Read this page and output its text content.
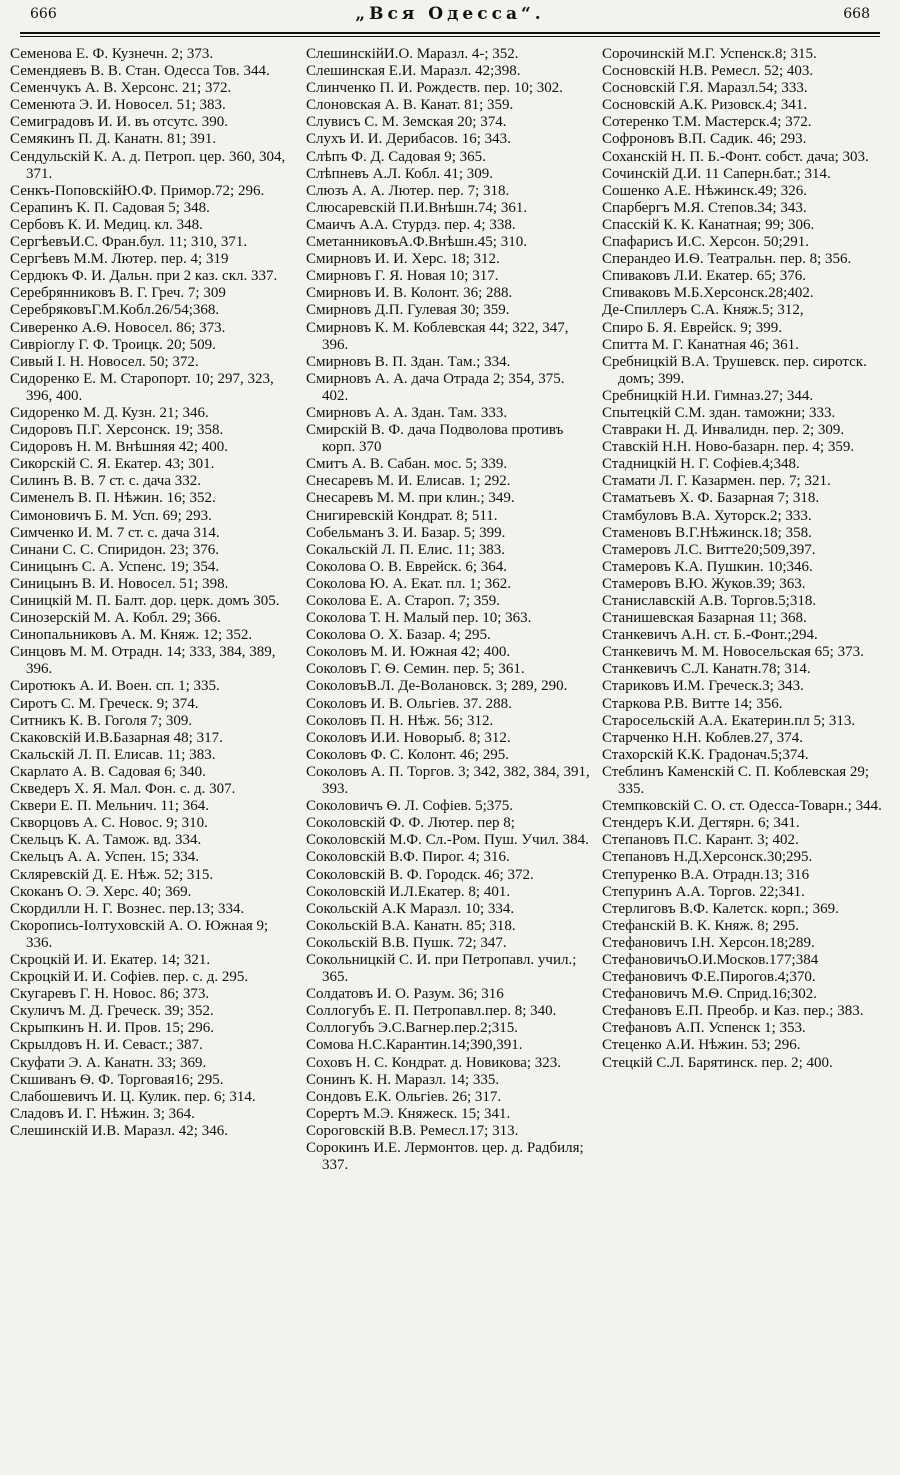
666	„Вся Одесса“.	668
Семенова Е. Ф. Кузнечн. 2; 373.
Семендяевъ В. В. Стан. Одесса Тов. 344.
Семенчукъ А. В. Херсонс. 21; 372.
Семенюта Э. И. Новосел. 51; 383.
Семиградовъ И. И. въ отсутс. 390.
Семякинъ П. Д. Канатн. 81; 391.
Сендульскій К. А. д. Петроп. цер. 360, 304, 371.
Сенкъ-ПоповскійЮ.Ф. Примор.72; 296.
Серапинъ К. П. Садовая 5; 348.
Сербовъ К. И. Медиц. кл. 348.
СергѣевъИ.С. Фран.бул. 11; 310, 371.
Сергѣевъ М.М. Лютер. пер. 4; 319
Сердюкъ Ф. И. Дальн. при 2 каз. скл. 337.
Серебрянниковъ В. Г. Греч. 7; 309
СеребряковъГ.М.Кобл.26/54;368.
Сиверенко А.Ѳ. Новосел. 86; 373.
Сивріоглу Г. Ф. Троицк. 20; 509.
Сивый І. Н. Новосел. 50; 372.
Сидоренко Е. М. Старопорт. 10; 297, 323, 396, 400.
Сидоренко М. Д. Кузн. 21; 346.
Сидоровъ П.Г. Херсонск. 19; 358.
Сидоровъ Н. М. Внѣшняя 42; 400.
Сикорскій С. Я. Екатер. 43; 301.
Силинъ В. В. 7 ст. с. дача 332.
Сименелъ В. П. Нѣжин. 16; 352.
Симоновичъ Б. М. Усп. 69; 293.
Симченко И. М. 7 ст. с. дача 314.
Синани С. С. Спиридон. 23; 376.
Синицынъ С. А. Успенс. 19; 354.
Синицынъ В. И. Новосел. 51; 398.
Синицкій М. П. Балт. дор. церк. домъ 305.
Синозерскій М. А. Кобл. 29; 366.
Синопальниковъ А. М. Княж. 12; 352.
Синцовъ М. М. Отрадн. 14; 333, 384, 389, 396.
Сиротюкъ А. И. Воен. сп. 1; 335.
Сиротъ С. М. Греческ. 9; 374.
Ситникъ К. В. Гоголя 7; 309.
Скаковскій И.В.Базарная 48; 317.
Скальскій Л. П. Елисав. 11; 383.
Скарлато А. В. Садовая 6; 340.
Скведеръ Х. Я. Мал. Фон. с. д. 307.
Сквери Е. П. Мельнич. 11; 364.
Скворцовъ А. С. Новос. 9; 310.
Скельцъ К. А. Тамож. вд. 334.
Скельцъ А. А. Успен. 15; 334.
Скляревскій Д. Е. Нѣж. 52; 315.
Скоканъ О. Э. Херс. 40; 369.
Скордилли Н. Г. Вознес. пер.13; 334.
Скоропись-Іолтуховскій А. О. Южная 9; 336.
Скроцкій И. И. Екатер. 14; 321.
Скроцкій И. И. Софіев. пер. с. д. 295.
Скугаревъ Г. Н. Новос. 86; 373.
Скуличъ М. Д. Греческ. 39; 352.
Скрыпкинъ Н. И. Пров. 15; 296.
Скрылдовъ Н. И. Севаст.; 387.
Скуфати Э. А. Канатн. 33; 369.
Скшиванъ Ѳ. Ф. Торговая16; 295.
Слабошевичъ И. Ц. Кулик. пер. 6; 314.
Сладовъ И. Г. Нѣжин. 3; 364.
Слешинскій И.В. Маразл. 42; 346.
СлешинскійИ.О. Маразл. 4-; 352.
Слешинская Е.И. Маразл. 42;398.
Слинченко П. И. Рождеств. пер. 10; 302.
Слоновская А. В. Канат. 81; 359.
Слувисъ С. М. Земская 20; 374.
Слухъ И. И. Дерибасов. 16; 343.
Слѣпъ Ф. Д. Садовая 9; 365.
Слѣпневъ А.Л. Кобл. 41; 309.
Слюзъ А. А. Лютер. пер. 7; 318.
Слюсаревскій П.И.Внѣшн.74; 361.
Смаичъ А.А. Стурдз. пер. 4; 338.
СметанниковъА.Ф.Внѣшн.45; 310.
Смирновъ И. И. Херс. 18; 312.
Смирновъ Г. Я. Новая 10; 317.
Смирновъ И. В. Колонт. 36; 288.
Смирновъ Д.П. Гулевая 30; 359.
Смирновъ К. М. Коблевская 44; 322, 347, 396.
Смирновъ В. П. Здан. Там.; 334.
Смирновъ А. А. дача Отрада 2; 354, 375. 402.
Смирновъ А. А. Здан. Там. 333.
Смирскій В. Ф. дача Подволова противъ корп. 370
Смитъ А. В. Сабан. мос. 5; 339.
Снесаревъ М. И. Елисав. 1; 292.
Снесаревъ М. М. при клин.; 349.
Снигиревскій Кондрат. 8; 511.
Собельманъ З. И. Базар. 5; 399.
Сокальскій Л. П. Елис. 11; 383.
Соколова О. В. Еврейск. 6; 364.
Соколова Ю. А. Екат. пл. 1; 362.
Соколова Е. А. Староп. 7; 359.
Соколова Т. Н. Малый пер. 10; 363.
Соколова О. Х. Базар. 4; 295.
Соколовъ М. И. Южная 42; 400.
Соколовъ Г. Ѳ. Семин. пер. 5; 361.
СоколовъВ.Л. Де-Волановск. 3; 289, 290.
Соколовъ И. В. Ольгіев. 37. 288.
Соколовъ П. Н. Нѣж. 56; 312.
Соколовъ И.И. Новорыб. 8; 312.
Соколовъ Ф. С. Колонт. 46; 295.
Соколовъ А. П. Торгов. 3; 342, 382, 384, 391, 393.
Соколовичъ Ѳ. Л. Софіев. 5;375.
Соколовскій Ф. Ф. Лютер. пер 8;
Соколовскій М.Ф. Сл.-Ром. Пуш. Учил. 384.
Соколовскій В.Ф. Пирог. 4; 316.
Соколовскій В. Ф. Городск. 46; 372.
Соколовскій И.Л.Екатер. 8; 401.
Сокольскій А.К Маразл. 10; 334.
Сокольскій В.А. Канатн. 85; 318.
Сокольскій В.В. Пушк. 72; 347.
Сокольницкій С. И. при Петропавл. учил.; 365.
Солдатовъ И. О. Разум. 36; 316
Соллогубъ Е. П. Петропавл.пер. 8; 340.
Соллогубъ Э.С.Вагнер.пер.2;315.
Сомова Н.С.Карантин.14;390,391.
Соховъ Н. С. Кондрат. д. Новикова; 323.
Сонинъ К. Н. Маразл. 14; 335.
Сондовъ Е.К. Ольгіев. 26; 317.
Сорертъ М.Э. Княжеск. 15; 341.
Сороговскій В.В. Ремесл.17; 313.
Сорокинъ И.Е. Лермонтов. цер. д. Радбиля; 337.
Сорочинскій М.Г. Успенск.8; 315.
Сосновскій Н.В. Ремесл. 52; 403.
Сосновскій Г.Я. Маразл.54; 333.
Сосновскій А.К. Ризовск.4; 341.
Сотеренко Т.М. Мастерск.4; 372.
Софроновъ В.П. Садик. 46; 293.
Соханскій Н. П. Б.-Фонт. собст. дача; 303.
Сочинскій Д.И. 11 Саперн.бат.; 314.
Сошенко А.Е. Нѣжинск.49; 326.
Спарбергъ М.Я. Степов.34; 343.
Спасскій К. К. Канатная; 99; 306.
Спафарисъ И.С. Херсон. 50;291.
Сперандео И.Ѳ. Театральн. пер. 8; 356.
Спиваковъ Л.И. Екатер. 65; 376.
Спиваковъ М.Б.Херсонск.28;402.
Де-Спиллеръ С.А. Княж.5; 312,
Спиро Б. Я. Еврейск. 9; 399.
Спитта М. Г. Канатная 46; 361.
Сребницкій В.А. Трушевск. пер. сиротск. домъ; 399.
Сребницкій Н.И. Гимназ.27; 344.
Спытецкій С.М. здан. таможни; 333.
Ставраки Н. Д. Инвалидн. пер. 2; 309.
Ставскій Н.Н. Ново-базарн. пер. 4; 359.
Стадницкій Н. Г. Софіев.4;348.
Стамати Л. Г. Казармен. пер. 7; 321.
Стаматьевъ Х. Ф. Базарная 7; 318.
Стамбуловъ В.А. Хуторск.2; 333.
Стаменовъ В.Г.Нѣжинск.18; 358.
Стамеровъ Л.С. Витте20;509,397.
Стамеровъ К.А. Пушкин. 10;346.
Стамеровъ В.Ю. Жуков.39; 363.
Станиславскій А.В. Торгов.5;318.
Станишевская Базарная 11; 368.
Станкевичъ А.Н. ст. Б.-Фонт.;294.
Станкевичъ М. М. Новосельская 65; 373.
Станкевичъ С.Л. Канатн.78; 314.
Стариковъ И.М. Греческ.3; 343.
Старкова Р.В. Витте 14; 356.
Старосельскій А.А. Екатерин.пл 5; 313.
Старченко Н.Н. Коблев.27, 374.
Стахорскій К.К. Градонач.5;374.
Стеблинъ Каменскій С. П. Коблевская 29; 335.
Стемпковскій С. О. ст. Одесса-Товарн.; 344.
Стендеръ К.И. Дегтярн. 6; 341.
Степановъ П.С. Карант. 3; 402.
Степановъ Н.Д.Херсонск.30;295.
Степуренко В.А. Отрадн.13; 316
Степуринъ А.А. Торгов. 22;341.
Стерлиговъ В.Ф. Калетск. корп.; 369.
Стефанскій В. К. Княж. 8; 295.
Стефановичъ І.Н. Херсон.18;289.
СтефановичъО.И.Москов.177;384
Стефановичъ Ф.Е.Пирогов.4;370.
Стефановичъ М.Ѳ. Сприд.16;302.
Стефановъ Е.П. Преобр. и Каз. пер.; 383.
Стефановъ А.П. Успенск 1; 353.
Стеценко А.И. Нѣжин. 53; 296.
Стецкій С.Л. Барятинск. пер. 2; 400.
